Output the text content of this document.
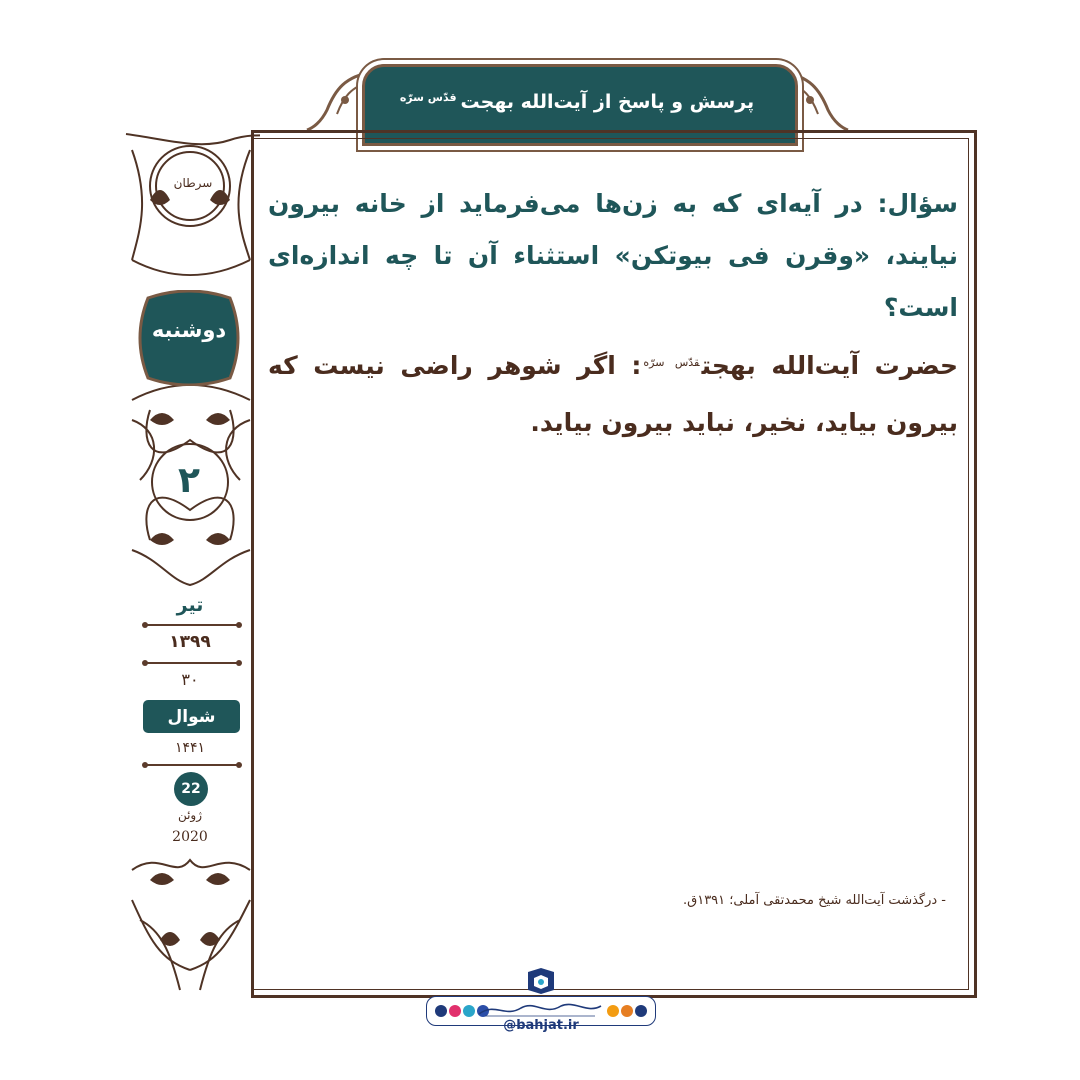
پرسش و پاسخ از آیت‌الله بهجت
قدّس سرّه
سرطان
دوشنبه
۲
تیر
۱۳۹۹
۳۰
شوال
۱۴۴۱
22
ژوئن
2020

سؤال: در آیه‌ای که به زن‌ها می‌فرماید از خانه بیرون نیایند، «وقرن فی بیوتکن» استثناء آن تا چه اندازه‌ای است؟

حضرت آیت‌الله بهجت$^{قدّس سرّه}$: اگر شوهر راضی نیست که بیرون بیاید، نخیر، نباید بیرون بیاید.

- درگذشت آیت‌الله شیخ محمدتقی آملی؛ ۱۳۹۱ق.
@bahjat.ir
